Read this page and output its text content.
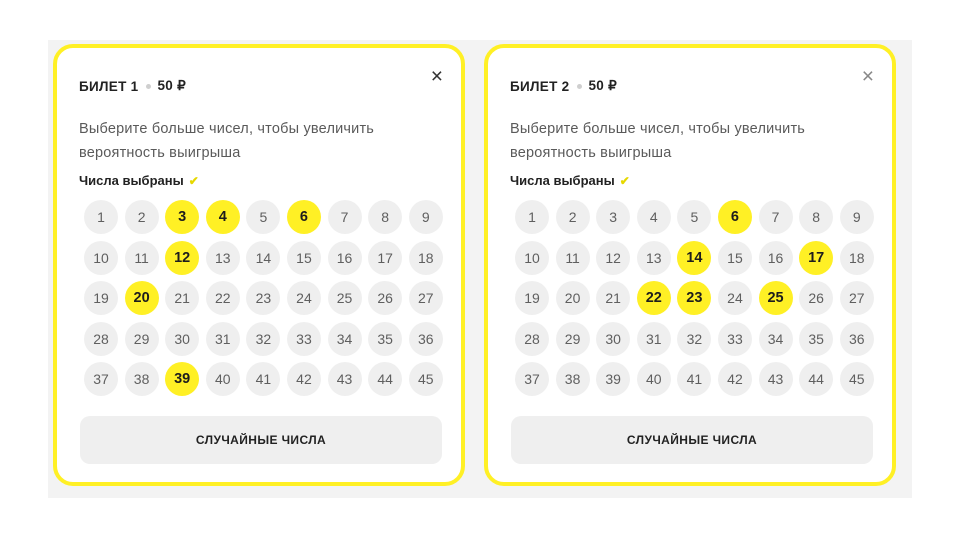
БИЛЕТ 1 50 ₽	×
Выберите больше чисел, чтобы увеличить вероятность выигрыша
Числа выбраны ✔
1	2	3	4	5	6	7	8	9
10	11	12	13	14	15	16	17	18
19	20	21	22	23	24	25	26	27
28	29	30	31	32	33	34	35	36
37	38	39	40	41	42	43	44	45
СЛУЧАЙНЫЕ ЧИСЛА
БИЛЕТ 2 50 ₽	×
Выберите больше чисел, чтобы увеличить вероятность выигрыша
Числа выбраны ✔
1	2	3	4	5	6	7	8	9
10	11	12	13	14	15	16	17	18
19	20	21	22	23	24	25	26	27
28	29	30	31	32	33	34	35	36
37	38	39	40	41	42	43	44	45
СЛУЧАЙНЫЕ ЧИСЛА
